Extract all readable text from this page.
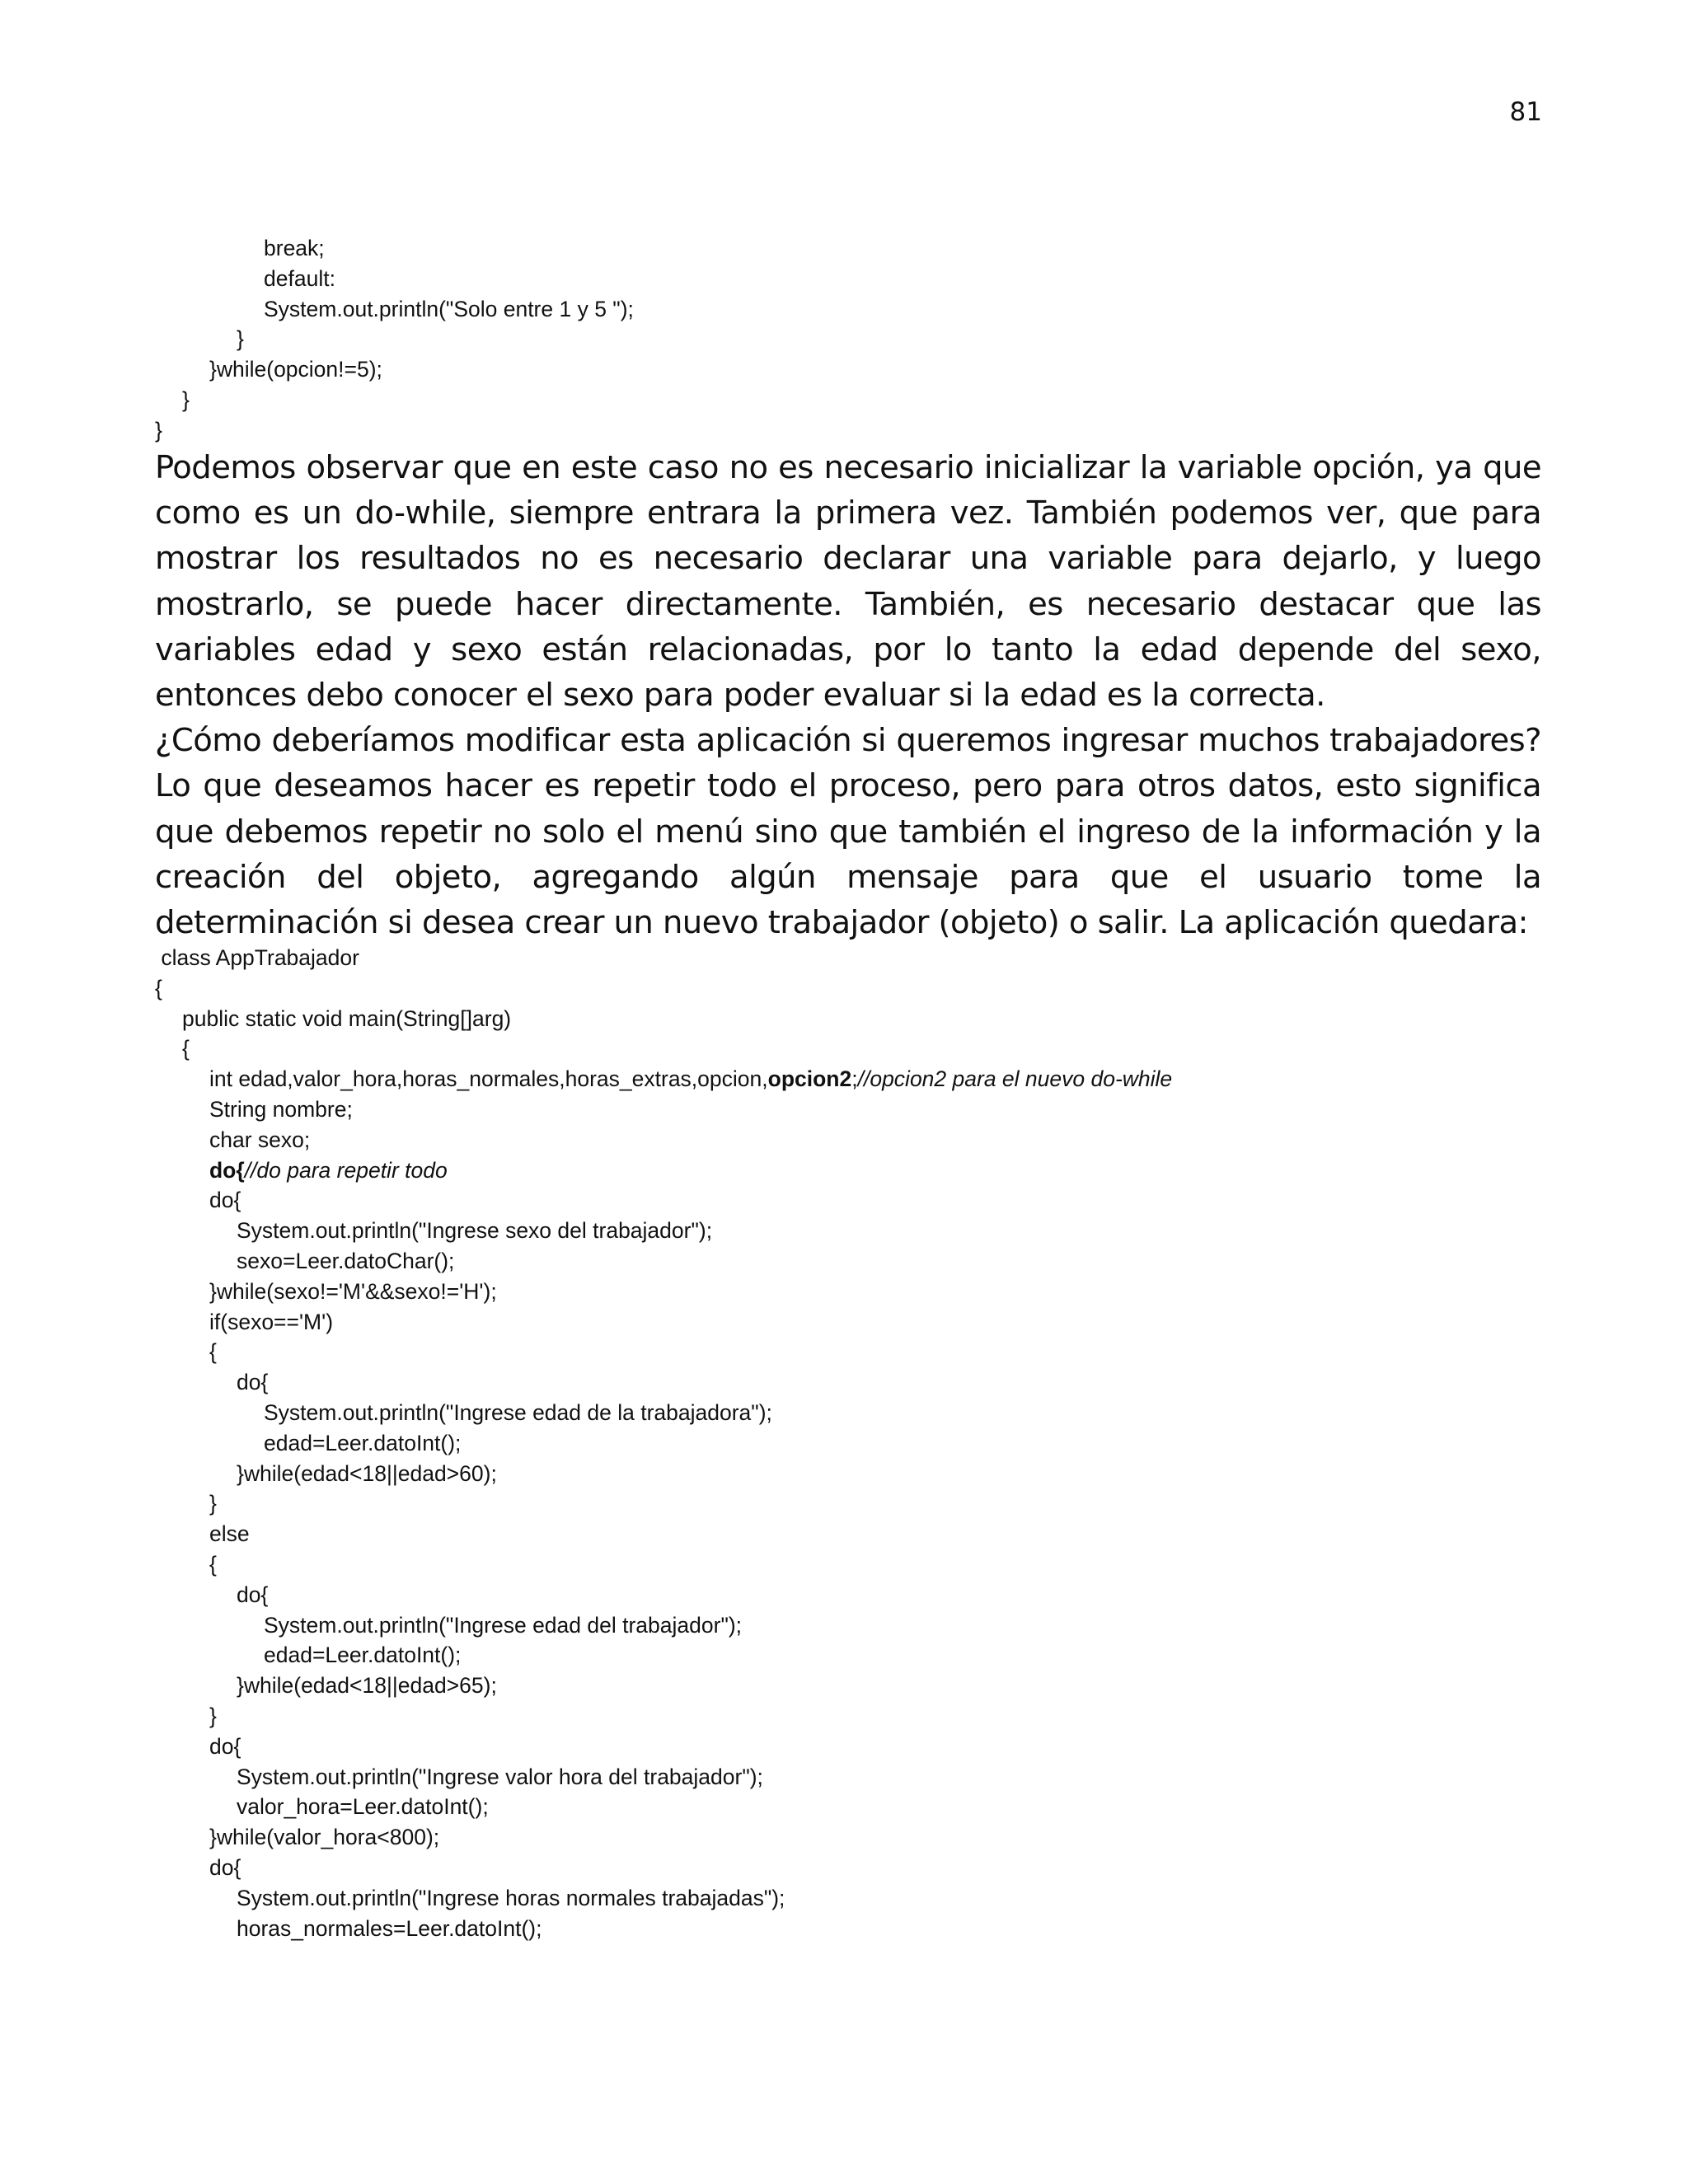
81
break;
default:
System.out.println("Solo entre 1 y 5 ");
}
}while(opcion!=5);
}
}

Podemos observar que en este caso no es necesario inicializar la variable opción, ya que como es un do-while, siempre entrara la primera vez. También podemos ver, que para mostrar los resultados no es necesario declarar una variable para dejarlo, y luego mostrarlo, se puede hacer directamente. También, es necesario destacar que las variables edad y sexo están relacionadas, por lo tanto la edad depende del sexo, entonces debo conocer el sexo para poder evaluar si la edad es la correcta.

¿Cómo deberíamos modificar esta aplicación si queremos ingresar muchos trabajadores? Lo que deseamos hacer es repetir todo el proceso, pero para otros datos, esto significa que debemos repetir no solo el menú sino que también el ingreso de la información y la creación del objeto, agregando algún mensaje para que el usuario tome la determinación si desea crear un nuevo trabajador (objeto) o salir. La aplicación quedara:

class AppTrabajador
{
public static void main(String[]arg)
{
int edad,valor_hora,horas_normales,horas_extras,opcion,opcion2;//opcion2 para el nuevo do-while
String nombre;
char sexo;
do{//do para repetir todo
do{
System.out.println("Ingrese sexo del trabajador");
sexo=Leer.datoChar();
}while(sexo!='M'&&sexo!='H');
if(sexo=='M')
{
do{
System.out.println("Ingrese edad de la trabajadora");
edad=Leer.datoInt();
}while(edad<18||edad>60);
}
else
{
do{
System.out.println("Ingrese edad del trabajador");
edad=Leer.datoInt();
}while(edad<18||edad>65);
}
do{
System.out.println("Ingrese valor hora del trabajador");
valor_hora=Leer.datoInt();
}while(valor_hora<800);
do{
System.out.println("Ingrese horas normales trabajadas");
horas_normales=Leer.datoInt();
